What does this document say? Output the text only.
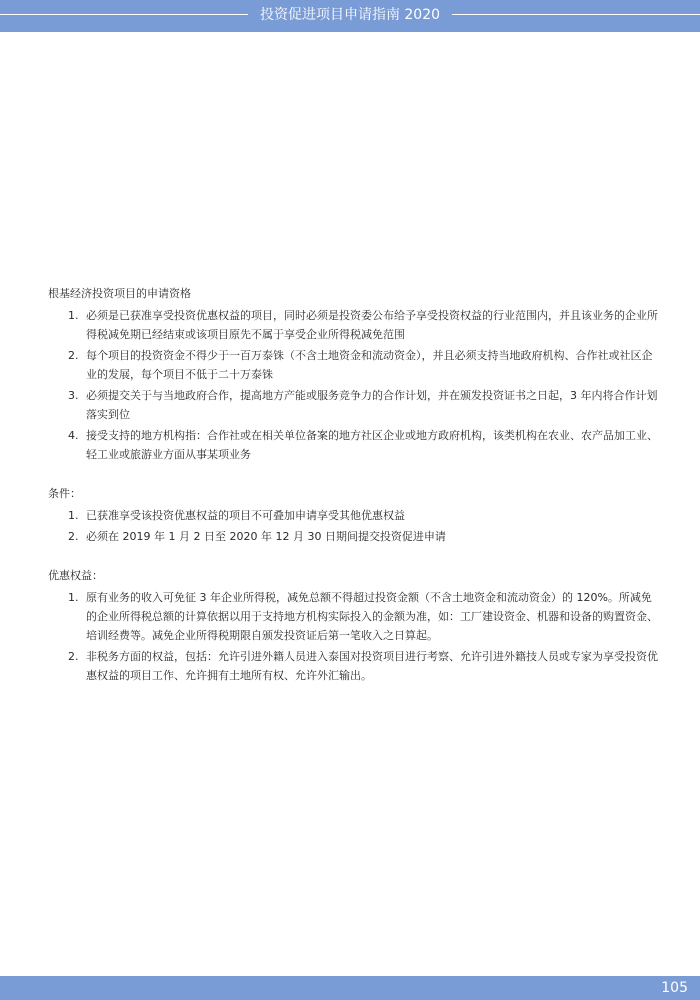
投资促进项目申请指南 2020
根基经济投资项目的申请资格
1. 必须是已获准享受投资优惠权益的项目，同时必须是投资委公布给予享受投资权益的行业范围内，并且该业务的企业所得税减免期已经结束或该项目原先不属于享受企业所得税减免范围
2. 每个项目的投资资金不得少于一百万泰铢（不含土地资金和流动资金），并且必须支持当地政府机构、合作社或社区企业的发展，每个项目不低于二十万泰铢
3. 必须提交关于与当地政府合作，提高地方产能或服务竞争力的合作计划，并在颁发投资证书之日起，3 年内将合作计划落实到位
4. 接受支持的地方机构指：合作社或在相关单位备案的地方社区企业或地方政府机构，该类机构在农业、农产品加工业、轻工业或旅游业方面从事某项业务
条件：
1. 已获准享受该投资优惠权益的项目不可叠加申请享受其他优惠权益
2. 必须在 2019 年 1 月 2 日至 2020 年 12 月 30 日期间提交投资促进申请
优惠权益：
1. 原有业务的收入可免征 3 年企业所得税，减免总额不得超过投资金额（不含土地资金和流动资金）的 120%。所减免的企业所得税总额的计算依据以用于支持地方机构实际投入的金额为准，如：工厂建设资金、机器和设备的购置资金、培训经费等。减免企业所得税期限自颁发投资证后第一笔收入之日算起。
2. 非税务方面的权益，包括：允许引进外籍人员进入泰国对投资项目进行考察、允许引进外籍技人员或专家为享受投资优惠权益的项目工作、允许拥有土地所有权、允许外汇输出。
105
